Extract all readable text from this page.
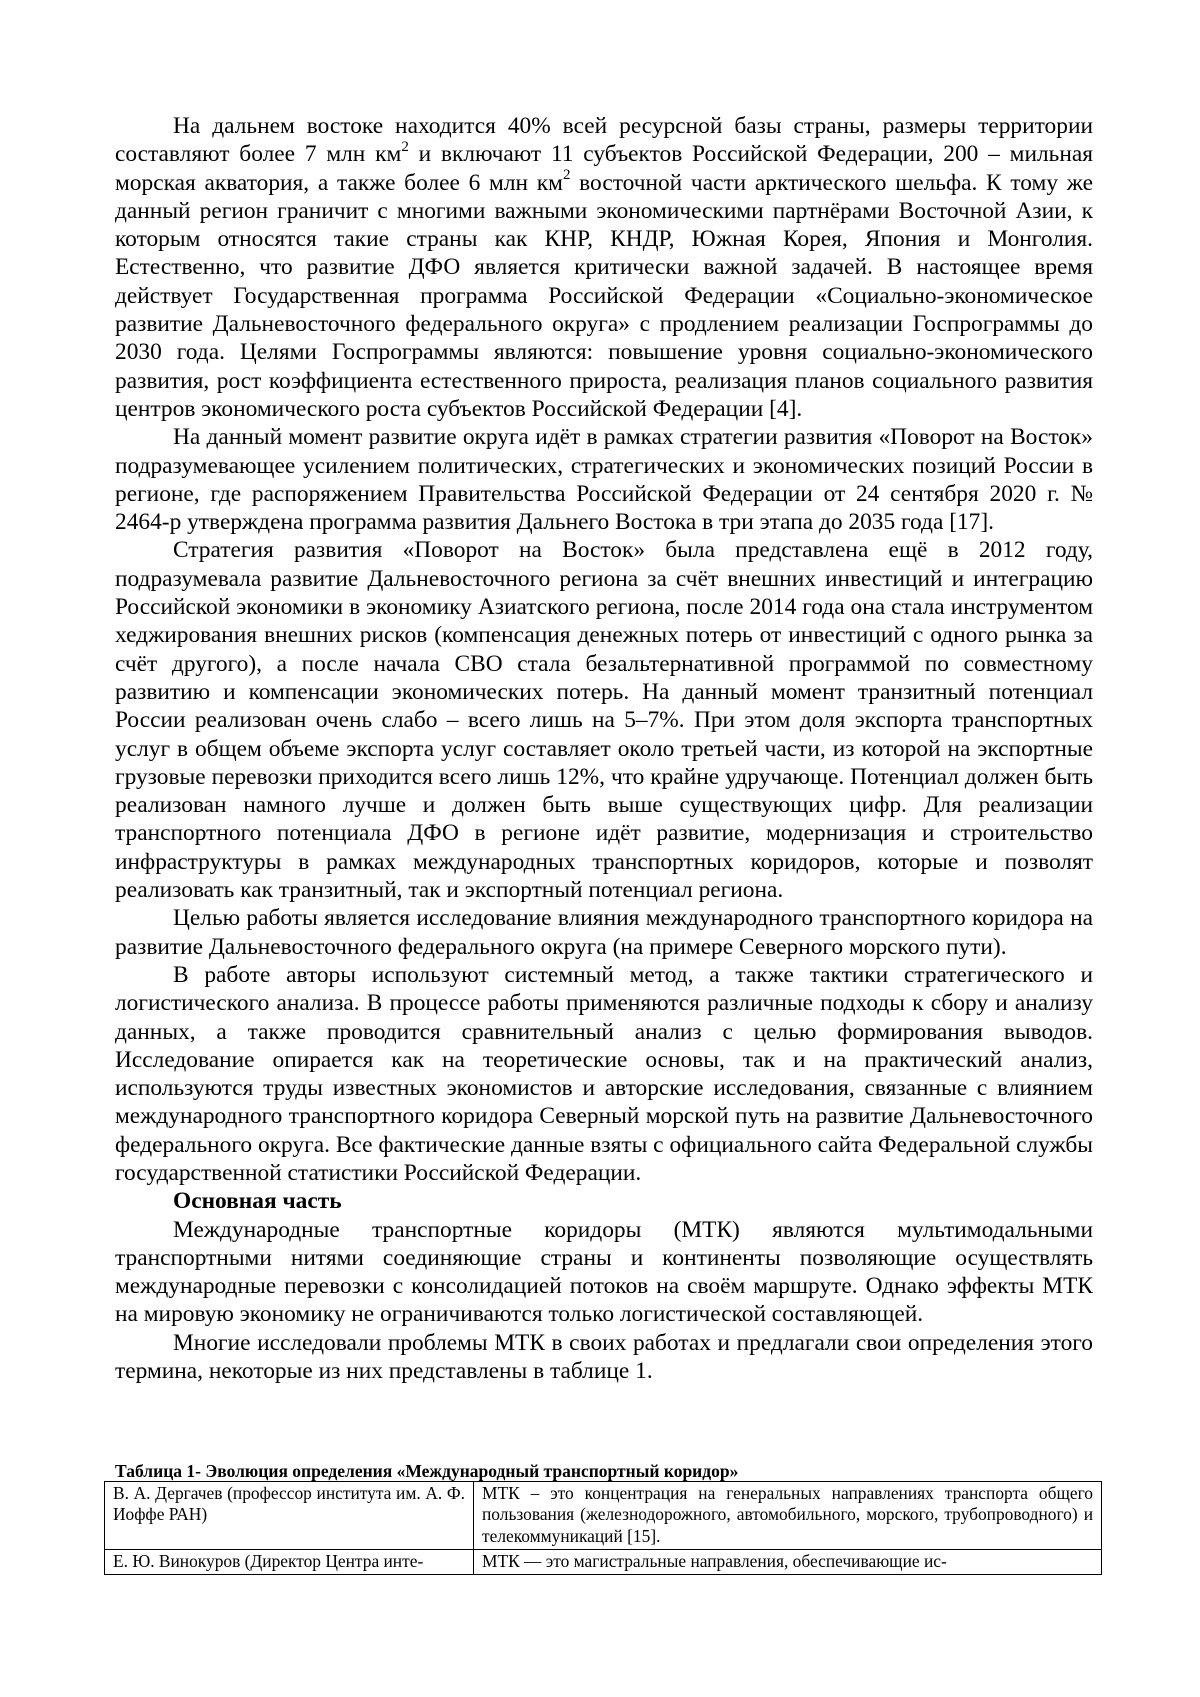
На дальнем востоке находится 40% всей ресурсной базы страны, размеры территории составляют более 7 млн $км^2$ и включают 11 субъектов Российской Федерации, 200 – мильная морская акватория, а также более 6 млн $км^2$ восточной части арктического шельфа. К тому же данный регион граничит с многими важными экономическими партнёрами Восточной Азии, к которым относятся такие страны как КНР, КНДР, Южная Корея, Япония и Монголия. Естественно, что развитие ДФО является критически важной задачей. В настоящее время действует Государственная программа Российской Федерации «Социально-экономическое развитие Дальневосточного федерального округа» с продлением реализации Госпрограммы до 2030 года. Целями Госпрограммы являются: повышение уровня социально-экономического развития, рост коэффициента естественного прироста, реализация планов социального развития центров экономического роста субъектов Российской Федерации [4].

На данный момент развитие округа идёт в рамках стратегии развития «Поворот на Восток» подразумевающее усилением политических, стратегических и экономических позиций России в регионе, где распоряжением Правительства Российской Федерации от 24 сентября 2020 г. № 2464-р утверждена программа развития Дальнего Востока в три этапа до 2035 года [17].

Стратегия развития «Поворот на Восток» была представлена ещё в 2012 году, подразумевала развитие Дальневосточного региона за счёт внешних инвестиций и интеграцию Российской экономики в экономику Азиатского региона, после 2014 года она стала инструментом хеджирования внешних рисков (компенсация денежных потерь от инвестиций с одного рынка за счёт другого), а после начала СВО стала безальтернативной программой по совместному развитию и компенсации экономических потерь. На данный момент транзитный потенциал России реализован очень слабо – всего лишь на 5–7%. При этом доля экспорта транспортных услуг в общем объеме экспорта услуг составляет около третьей части, из которой на экспортные грузовые перевозки приходится всего лишь 12%, что крайне удручающе. Потенциал должен быть реализован намного лучше и должен быть выше существующих цифр. Для реализации транспортного потенциала ДФО в регионе идёт развитие, модернизация и строительство инфраструктуры в рамках международных транспортных коридоров, которые и позволят реализовать как транзитный, так и экспортный потенциал региона.

Целью работы является исследование влияния международного транспортного коридора на развитие Дальневосточного федерального округа (на примере Северного морского пути).

В работе авторы используют системный метод, а также тактики стратегического и логистического анализа. В процессе работы применяются различные подходы к сбору и анализу данных, а также проводится сравнительный анализ с целью формирования выводов. Исследование опирается как на теоретические основы, так и на практический анализ, используются труды известных экономистов и авторские исследования, связанные с влиянием международного транспортного коридора Северный морской путь на развитие Дальневосточного федерального округа. Все фактические данные взяты с официального сайта Федеральной службы государственной статистики Российской Федерации.

Основная часть

Международные транспортные коридоры (МТК) являются мультимодальными транспортными нитями соединяющие страны и континенты позволяющие осуществлять международные перевозки с консолидацией потоков на своём маршруте. Однако эффекты МТК на мировую экономику не ограничиваются только логистической составляющей.

Многие исследовали проблемы МТК в своих работах и предлагали свои определения этого термина, некоторые из них представлены в таблице 1.

Таблица 1- Эволюция определения «Международный транспортный коридор»
В. А. Дергачев (профессор института им. А. Ф. Иоффе РАН)	МТК – это концентрация на генеральных направлениях транспорта общего пользования (железнодорожного, автомобильного, морского, трубопроводного) и телекоммуникаций [15].
Е. Ю. Винокуров (Директор Центра инте-	МТК — это магистральные направления, обеспечивающие ис-
